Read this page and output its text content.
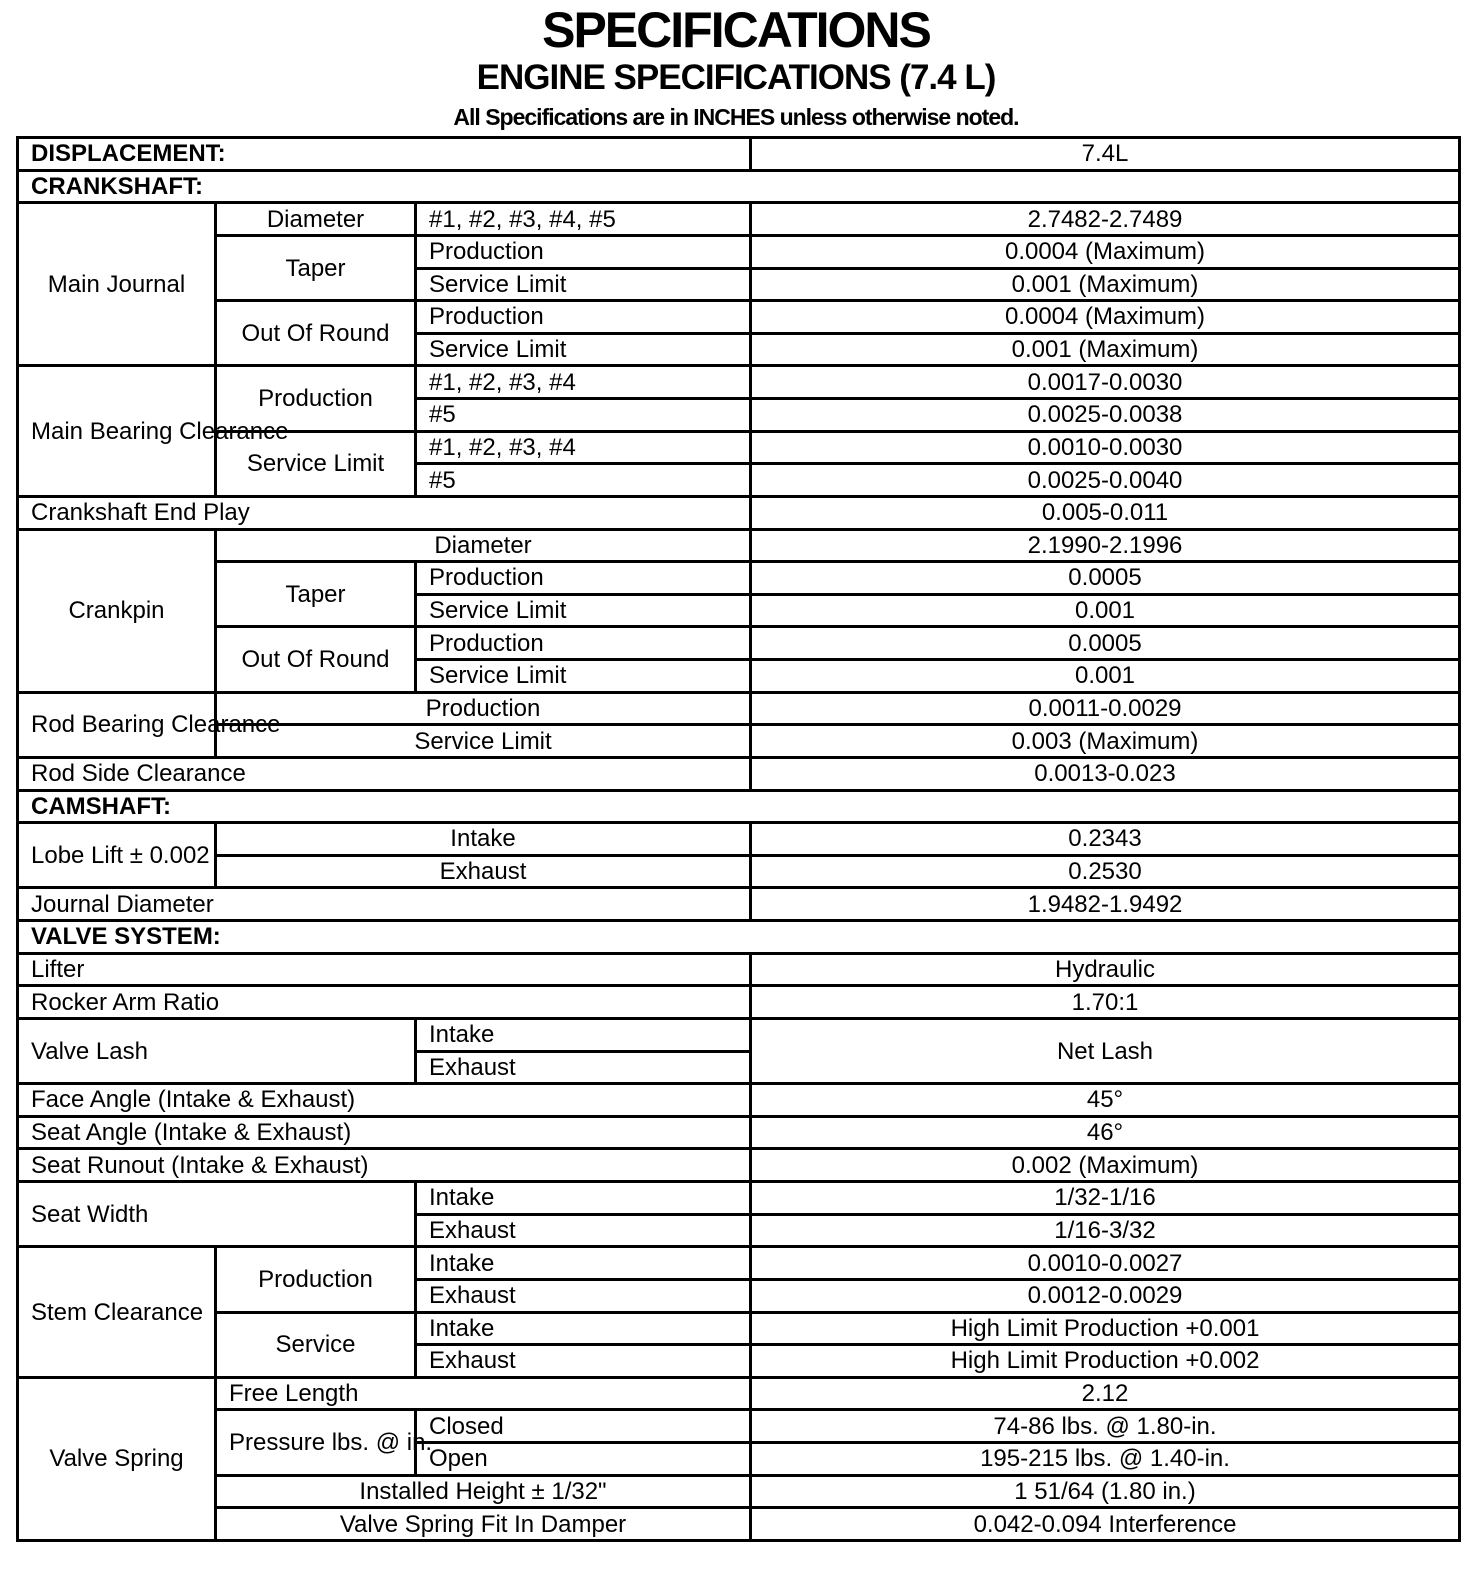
SPECIFICATIONS
ENGINE SPECIFICATIONS (7.4 L)
All Specifications are in INCHES unless otherwise noted.
DISPLACEMENT:			7.4L
CRANKSHAFT:			
Main Journal	Diameter	#1, #2, #3, #4, #5	2.7482-2.7489
	Taper	Production	0.0004 (Maximum)
		Service Limit	0.001 (Maximum)
	Out Of Round	Production	0.0004 (Maximum)
		Service Limit	0.001 (Maximum)
Main Bearing Clearance	Production	#1, #2, #3, #4	0.0017-0.0030
		#5	0.0025-0.0038
	Service Limit	#1, #2, #3, #4	0.0010-0.0030
		#5	0.0025-0.0040
Crankshaft End Play			0.005-0.011
Crankpin	Diameter		2.1990-2.1996
	Taper	Production	0.0005
		Service Limit	0.001
	Out Of Round	Production	0.0005
		Service Limit	0.001
Rod Bearing Clearance	Production		0.0011-0.0029
	Service Limit		0.003 (Maximum)
Rod Side Clearance			0.0013-0.023
CAMSHAFT:			
Lobe Lift ± 0.002	Intake		0.2343
	Exhaust		0.2530
Journal Diameter			1.9482-1.9492
VALVE SYSTEM:			
Lifter			Hydraulic
Rocker Arm Ratio			1.70:1
Valve Lash		Intake	Net Lash
		Exhaust	
Face Angle (Intake & Exhaust)			45°
Seat Angle (Intake & Exhaust)			46°
Seat Runout (Intake & Exhaust)			0.002 (Maximum)
Seat Width		Intake	1/32-1/16
		Exhaust	1/16-3/32
Stem Clearance	Production	Intake	0.0010-0.0027
		Exhaust	0.0012-0.0029
	Service	Intake	High Limit Production +0.001
		Exhaust	High Limit Production +0.002
Valve Spring	Free Length		2.12
	Pressure lbs. @ in.	Closed	74-86 lbs. @ 1.80-in.
		Open	195-215 lbs. @ 1.40-in.
	Installed Height ± 1/32"		1 51/64 (1.80 in.)
	Valve Spring Fit In Damper		0.042-0.094 Interference
